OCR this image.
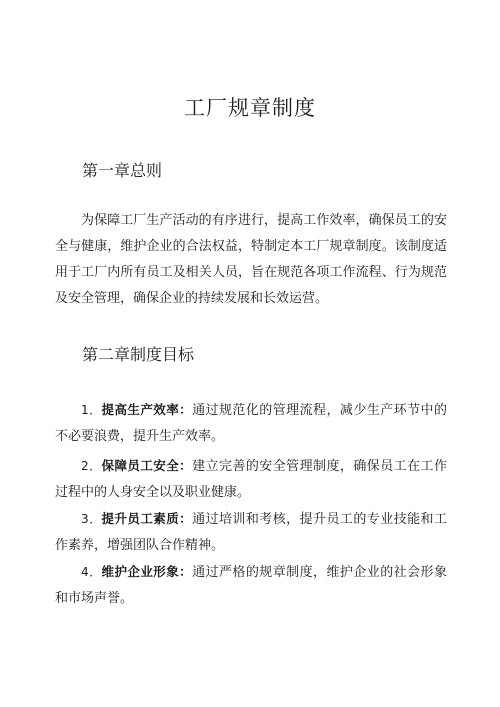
工厂规章制度
第一章总则

为保障工厂生产活动的有序进行，提高工作效率，确保员工的安全与健康，维护企业的合法权益，特制定本工厂规章制度。该制度适用于工厂内所有员工及相关人员，旨在规范各项工作流程、行为规范及安全管理，确保企业的持续发展和长效运营。

第二章制度目标

1．提高生产效率：通过规范化的管理流程，减少生产环节中的不必要浪费，提升生产效率。

2．保障员工安全：建立完善的安全管理制度，确保员工在工作过程中的人身安全以及职业健康。

3．提升员工素质：通过培训和考核，提升员工的专业技能和工作素养，增强团队合作精神。

4．维护企业形象：通过严格的规章制度，维护企业的社会形象和市场声誉。
